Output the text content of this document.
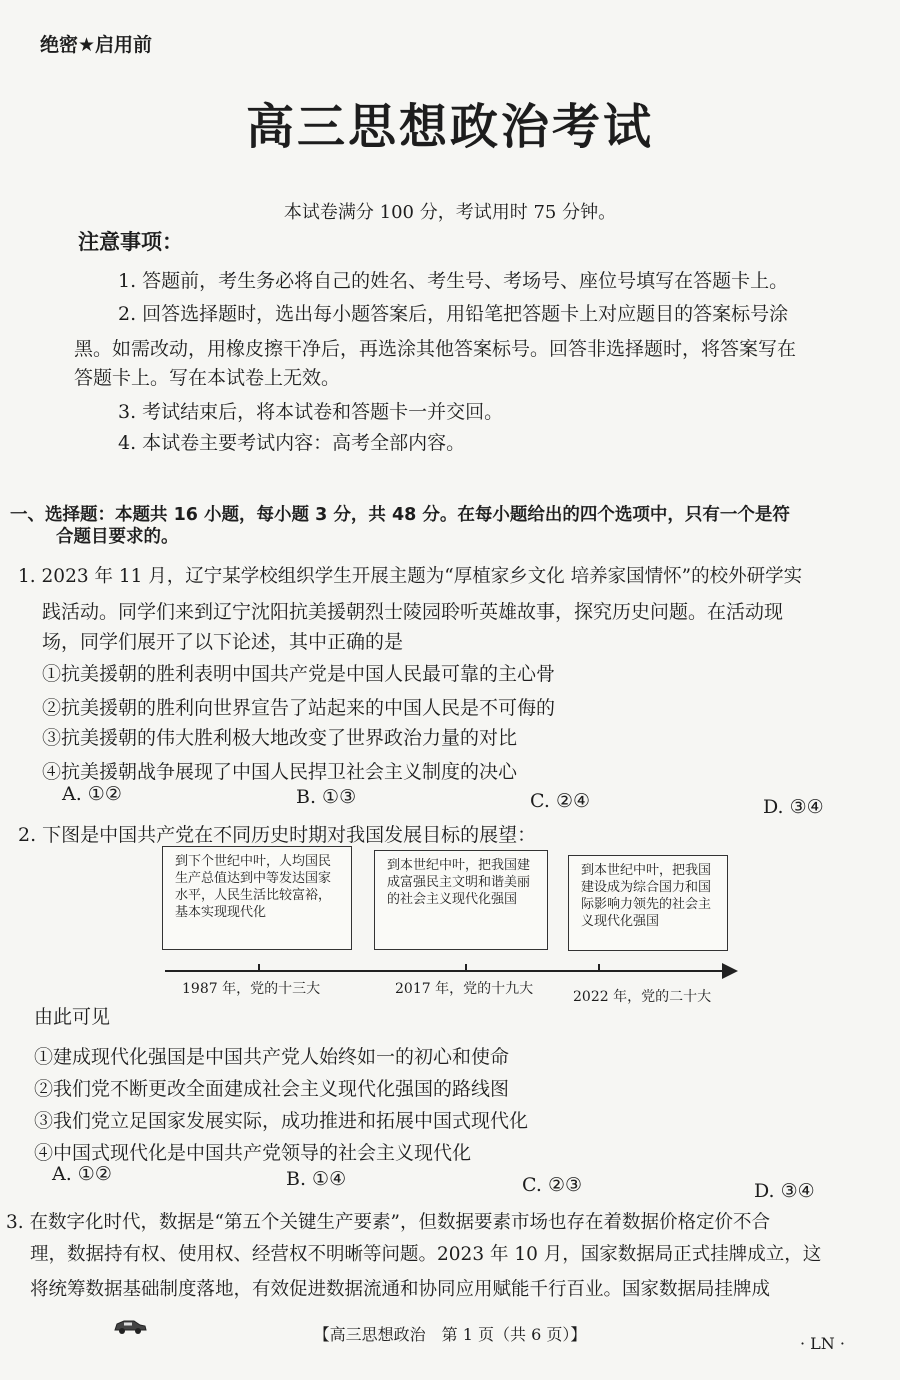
绝密★启用前
高三思想政治考试
本试卷满分 100 分，考试用时 75 分钟。
注意事项：
1. 答题前，考生务必将自己的姓名、考生号、考场号、座位号填写在答题卡上。
2. 回答选择题时，选出每小题答案后，用铅笔把答题卡上对应题目的答案标号涂
黑。如需改动，用橡皮擦干净后，再选涂其他答案标号。回答非选择题时，将答案写在
答题卡上。写在本试卷上无效。
3. 考试结束后，将本试卷和答题卡一并交回。
4. 本试卷主要考试内容：高考全部内容。
一、选择题：本题共 16 小题，每小题 3 分，共 48 分。在每小题给出的四个选项中，只有一个是符
合题目要求的。
1. 2023 年 11 月，辽宁某学校组织学生开展主题为“厚植家乡文化 培养家国情怀”的校外研学实
践活动。同学们来到辽宁沈阳抗美援朝烈士陵园聆听英雄故事，探究历史问题。在活动现
场，同学们展开了以下论述，其中正确的是
①抗美援朝的胜利表明中国共产党是中国人民最可靠的主心骨
②抗美援朝的胜利向世界宣告了站起来的中国人民是不可侮的
③抗美援朝的伟大胜利极大地改变了世界政治力量的对比
④抗美援朝战争展现了中国人民捍卫社会主义制度的决心
A. ①②	B. ①③	C. ②④	D. ③④
2. 下图是中国共产党在不同历史时期对我国发展目标的展望：
到下个世纪中叶，人均国民生产总值达到中等发达国家水平，人民生活比较富裕，基本实现现代化
到本世纪中叶，把我国建成富强民主文明和谐美丽的社会主义现代化强国
到本世纪中叶，把我国建设成为综合国力和国际影响力领先的社会主义现代化强国
1987 年，党的十三大	2017 年，党的十九大	2022 年，党的二十大
由此可见
①建成现代化强国是中国共产党人始终如一的初心和使命
②我们党不断更改全面建成社会主义现代化强国的路线图
③我们党立足国家发展实际，成功推进和拓展中国式现代化
④中国式现代化是中国共产党领导的社会主义现代化
A. ①②	B. ①④	C. ②③	D. ③④
3. 在数字化时代，数据是“第五个关键生产要素”，但数据要素市场也存在着数据价格定价不合
理，数据持有权、使用权、经营权不明晰等问题。2023 年 10 月，国家数据局正式挂牌成立，这
将统筹数据基础制度落地，有效促进数据流通和协同应用赋能千行百业。国家数据局挂牌成
【高三思想政治　第 1 页（共 6 页）】	· LN ·
